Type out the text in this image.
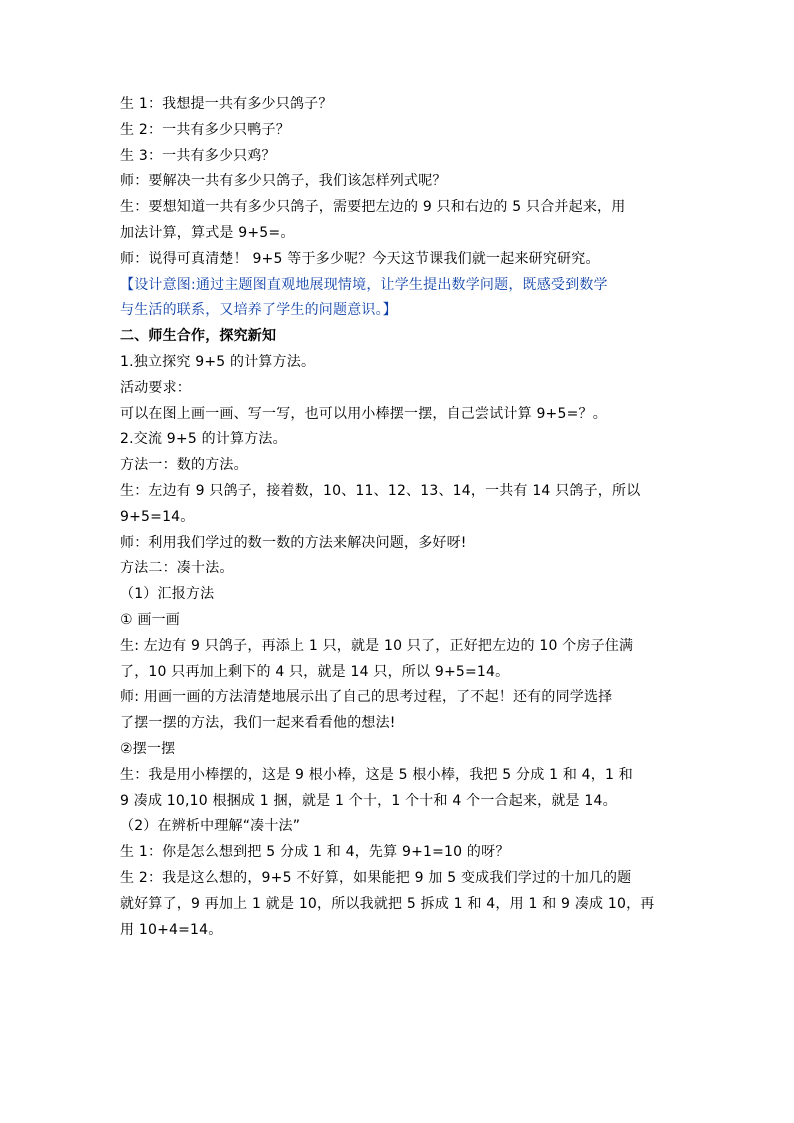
生 1：我想提一共有多少只鸽子？
生 2：一共有多少只鸭子？
生 3：一共有多少只鸡？
师：要解决一共有多少只鸽子，我们该怎样列式呢？
生：要想知道一共有多少只鸽子，需要把左边的 9 只和右边的 5 只合并起来，用
加法计算，算式是 9+5=。
师：说得可真清楚！ 9+5 等于多少呢？今天这节课我们就一起来研究研究。
【设计意图:通过主题图直观地展现情境，让学生提出数学问题，既感受到数学
与生活的联系，又培养了学生的问题意识。】
二、师生合作，探究新知
1.独立探究 9+5 的计算方法。
活动要求：
可以在图上画一画、写一写，也可以用小棒摆一摆，自己尝试计算 9+5=？。
2.交流 9+5 的计算方法。
方法一：数的方法。
生：左边有 9 只鸽子，接着数，10、11、12、13、14，一共有 14 只鸽子，所以
9+5=14。
师：利用我们学过的数一数的方法来解决问题，多好呀!
方法二：凑十法。
（1）汇报方法
① 画一画
生: 左边有 9 只鸽子，再添上 1 只，就是 10 只了，正好把左边的 10 个房子住满
了，10 只再加上剩下的 4 只，就是 14 只，所以 9+5=14。
师: 用画一画的方法清楚地展示出了自己的思考过程，了不起！还有的同学选择
了摆一摆的方法，我们一起来看看他的想法!
②摆一摆
生：我是用小棒摆的，这是 9 根小棒，这是 5 根小棒，我把 5 分成 1 和 4，1 和
9 凑成 10,10 根捆成 1 捆，就是 1 个十，1 个十和 4 个一合起来，就是 14。
（2）在辨析中理解“凑十法”
生 1：你是怎么想到把 5 分成 1 和 4，先算 9+1=10 的呀？
生 2：我是这么想的，9+5 不好算，如果能把 9 加 5 变成我们学过的十加几的题
就好算了，9 再加上 1 就是 10，所以我就把 5 拆成 1 和 4，用 1 和 9 凑成 10，再
用 10+4=14。
